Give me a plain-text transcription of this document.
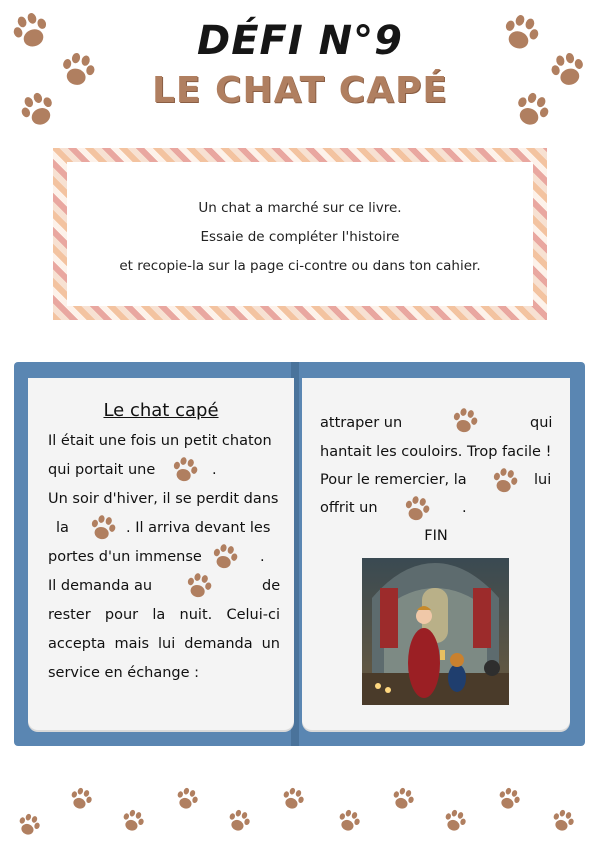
DÉFI N°9
LE CHAT CAPÉ
Un chat a marché sur ce livre.
Essaie de compléter l'histoire
et recopie-la sur la page ci-contre ou dans ton cahier.
Le chat capé
Il était une fois un petit chaton
qui portait une	.
Un soir d'hiver, il se perdit dans
la	. Il arriva devant les
portes d'un immense	.
Il demanda au	de
rester pour la nuit. Celui-ci
accepta mais lui demanda un
service en échange :
attraper un	qui
hantait les couloirs. Trop facile !
Pour le remercier, la	lui
offrit un	.
FIN
